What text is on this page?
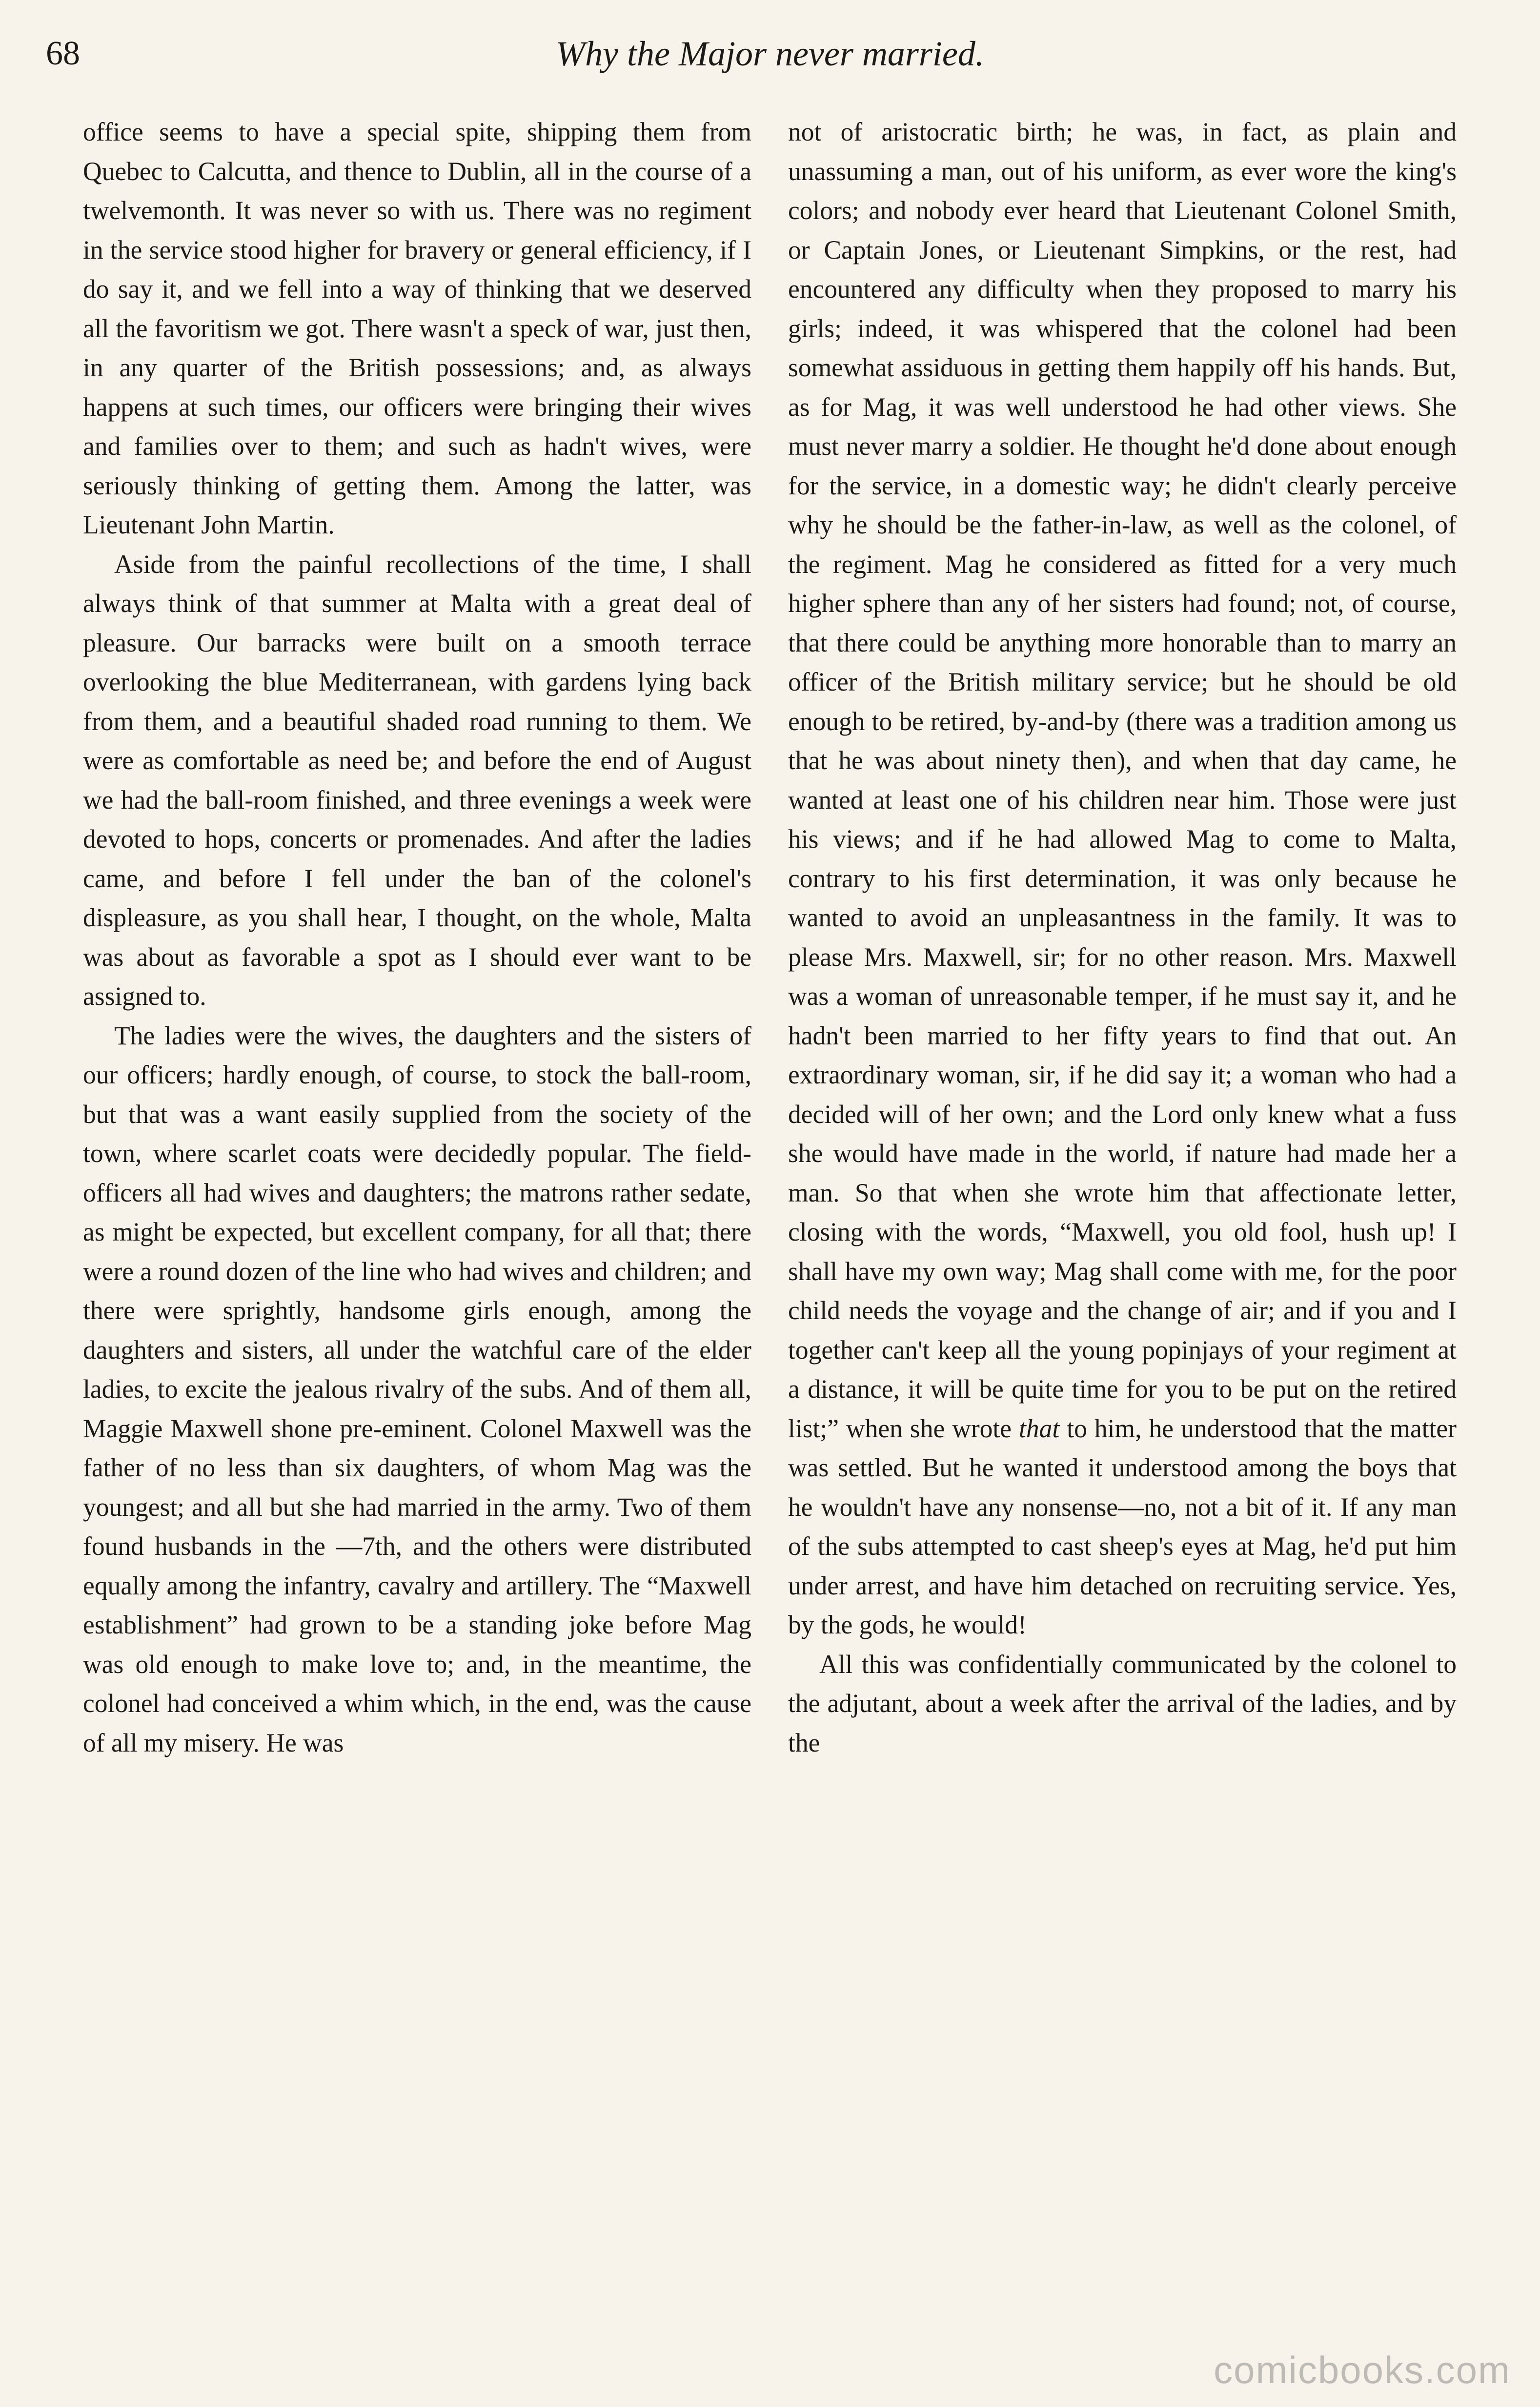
68	Why the Major never married.

office seems to have a special spite, shipping them from Quebec to Calcutta, and thence to Dublin, all in the course of a twelvemonth. It was never so with us. There was no regiment in the service stood higher for bravery or general efficiency, if I do say it, and we fell into a way of thinking that we deserved all the favoritism we got. There wasn't a speck of war, just then, in any quarter of the British possessions; and, as always happens at such times, our officers were bringing their wives and families over to them; and such as hadn't wives, were seriously thinking of getting them. Among the latter, was Lieutenant John Martin.

Aside from the painful recollections of the time, I shall always think of that summer at Malta with a great deal of pleasure. Our barracks were built on a smooth terrace overlooking the blue Mediterranean, with gardens lying back from them, and a beautiful shaded road running to them. We were as comfortable as need be; and before the end of August we had the ball-room finished, and three evenings a week were devoted to hops, concerts or promenades. And after the ladies came, and before I fell under the ban of the colonel's displeasure, as you shall hear, I thought, on the whole, Malta was about as favorable a spot as I should ever want to be assigned to.

The ladies were the wives, the daughters and the sisters of our officers; hardly enough, of course, to stock the ball-room, but that was a want easily supplied from the society of the town, where scarlet coats were decidedly popular. The field-officers all had wives and daughters; the matrons rather sedate, as might be expected, but excellent company, for all that; there were a round dozen of the line who had wives and children; and there were sprightly, handsome girls enough, among the daughters and sisters, all under the watchful care of the elder ladies, to excite the jealous rivalry of the subs. And of them all, Maggie Maxwell shone pre-eminent. Colonel Maxwell was the father of no less than six daughters, of whom Mag was the youngest; and all but she had married in the army. Two of them found husbands in the —7th, and the others were distributed equally among the infantry, cavalry and artillery. The “Maxwell establishment” had grown to be a standing joke before Mag was old enough to make love to; and, in the meantime, the colonel had conceived a whim which, in the end, was the cause of all my misery. He was

not of aristocratic birth; he was, in fact, as plain and unassuming a man, out of his uniform, as ever wore the king's colors; and nobody ever heard that Lieutenant Colonel Smith, or Captain Jones, or Lieutenant Simpkins, or the rest, had encountered any difficulty when they proposed to marry his girls; indeed, it was whispered that the colonel had been somewhat assiduous in getting them happily off his hands. But, as for Mag, it was well understood he had other views. She must never marry a soldier. He thought he'd done about enough for the service, in a domestic way; he didn't clearly perceive why he should be the father-in-law, as well as the colonel, of the regiment. Mag he considered as fitted for a very much higher sphere than any of her sisters had found; not, of course, that there could be anything more honorable than to marry an officer of the British military service; but he should be old enough to be retired, by-and-by (there was a tradition among us that he was about ninety then), and when that day came, he wanted at least one of his children near him. Those were just his views; and if he had allowed Mag to come to Malta, contrary to his first determination, it was only because he wanted to avoid an unpleasantness in the family. It was to please Mrs. Maxwell, sir; for no other reason. Mrs. Maxwell was a woman of unreasonable temper, if he must say it, and he hadn't been married to her fifty years to find that out. An extraordinary woman, sir, if he did say it; a woman who had a decided will of her own; and the Lord only knew what a fuss she would have made in the world, if nature had made her a man. So that when she wrote him that affectionate letter, closing with the words, “Maxwell, you old fool, hush up! I shall have my own way; Mag shall come with me, for the poor child needs the voyage and the change of air; and if you and I together can't keep all the young popinjays of your regiment at a distance, it will be quite time for you to be put on the retired list;” when she wrote that to him, he understood that the matter was settled. But he wanted it understood among the boys that he wouldn't have any nonsense—no, not a bit of it. If any man of the subs attempted to cast sheep's eyes at Mag, he'd put him under arrest, and have him detached on recruiting service. Yes, by the gods, he would!

All this was confidentially communicated by the colonel to the adjutant, about a week after the arrival of the ladies, and by the

comicbooks.com
